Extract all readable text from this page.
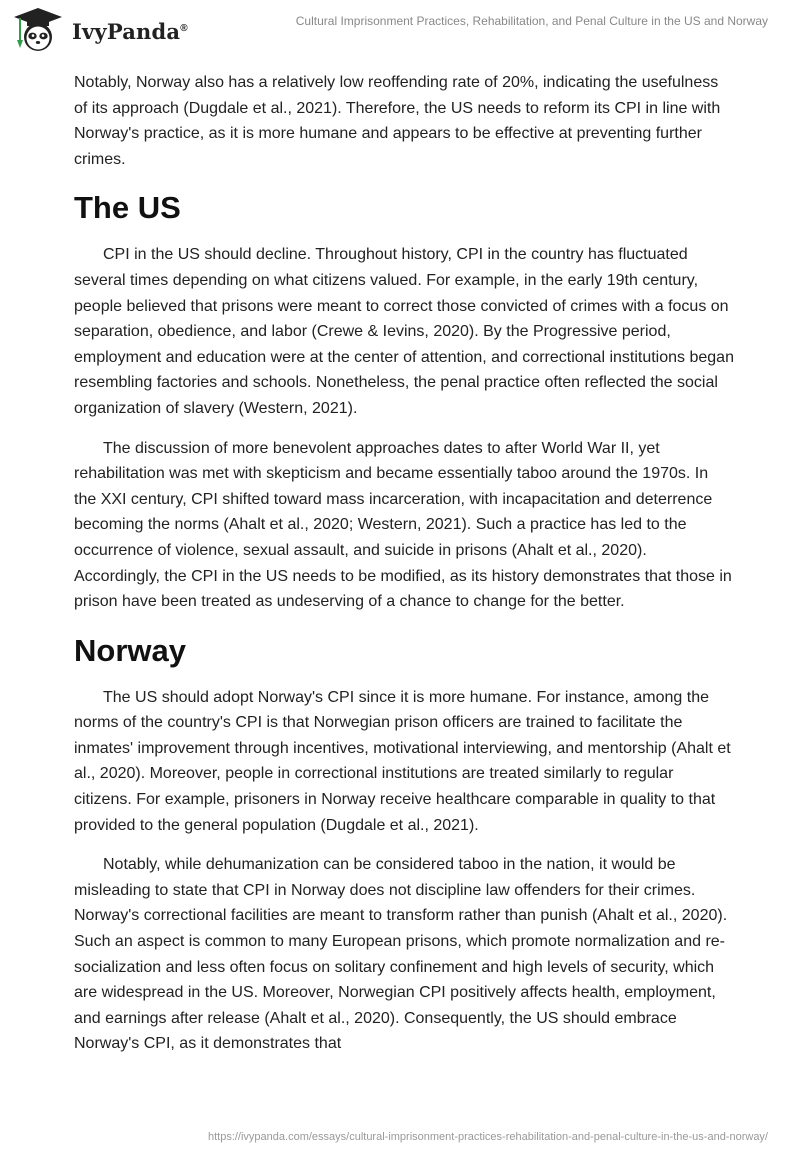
IvyPanda®	Cultural Imprisonment Practices, Rehabilitation, and Penal Culture in the US and Norway

Notably, Norway also has a relatively low reoffending rate of 20%, indicating the usefulness of its approach (Dugdale et al., 2021). Therefore, the US needs to reform its CPI in line with Norway's practice, as it is more humane and appears to be effective at preventing further crimes.

The US

CPI in the US should decline. Throughout history, CPI in the country has fluctuated several times depending on what citizens valued. For example, in the early 19th century, people believed that prisons were meant to correct those convicted of crimes with a focus on separation, obedience, and labor (Crewe & Ievins, 2020). By the Progressive period, employment and education were at the center of attention, and correctional institutions began resembling factories and schools. Nonetheless, the penal practice often reflected the social organization of slavery (Western, 2021).

The discussion of more benevolent approaches dates to after World War II, yet rehabilitation was met with skepticism and became essentially taboo around the 1970s. In the XXI century, CPI shifted toward mass incarceration, with incapacitation and deterrence becoming the norms (Ahalt et al., 2020; Western, 2021). Such a practice has led to the occurrence of violence, sexual assault, and suicide in prisons (Ahalt et al., 2020). Accordingly, the CPI in the US needs to be modified, as its history demonstrates that those in prison have been treated as undeserving of a chance to change for the better.

Norway

The US should adopt Norway's CPI since it is more humane. For instance, among the norms of the country's CPI is that Norwegian prison officers are trained to facilitate the inmates' improvement through incentives, motivational interviewing, and mentorship (Ahalt et al., 2020). Moreover, people in correctional institutions are treated similarly to regular citizens. For example, prisoners in Norway receive healthcare comparable in quality to that provided to the general population (Dugdale et al., 2021).

Notably, while dehumanization can be considered taboo in the nation, it would be misleading to state that CPI in Norway does not discipline law offenders for their crimes. Norway's correctional facilities are meant to transform rather than punish (Ahalt et al., 2020). Such an aspect is common to many European prisons, which promote normalization and re-socialization and less often focus on solitary confinement and high levels of security, which are widespread in the US. Moreover, Norwegian CPI positively affects health, employment, and earnings after release (Ahalt et al., 2020). Consequently, the US should embrace Norway's CPI, as it demonstrates that

https://ivypanda.com/essays/cultural-imprisonment-practices-rehabilitation-and-penal-culture-in-the-us-and-norway/
